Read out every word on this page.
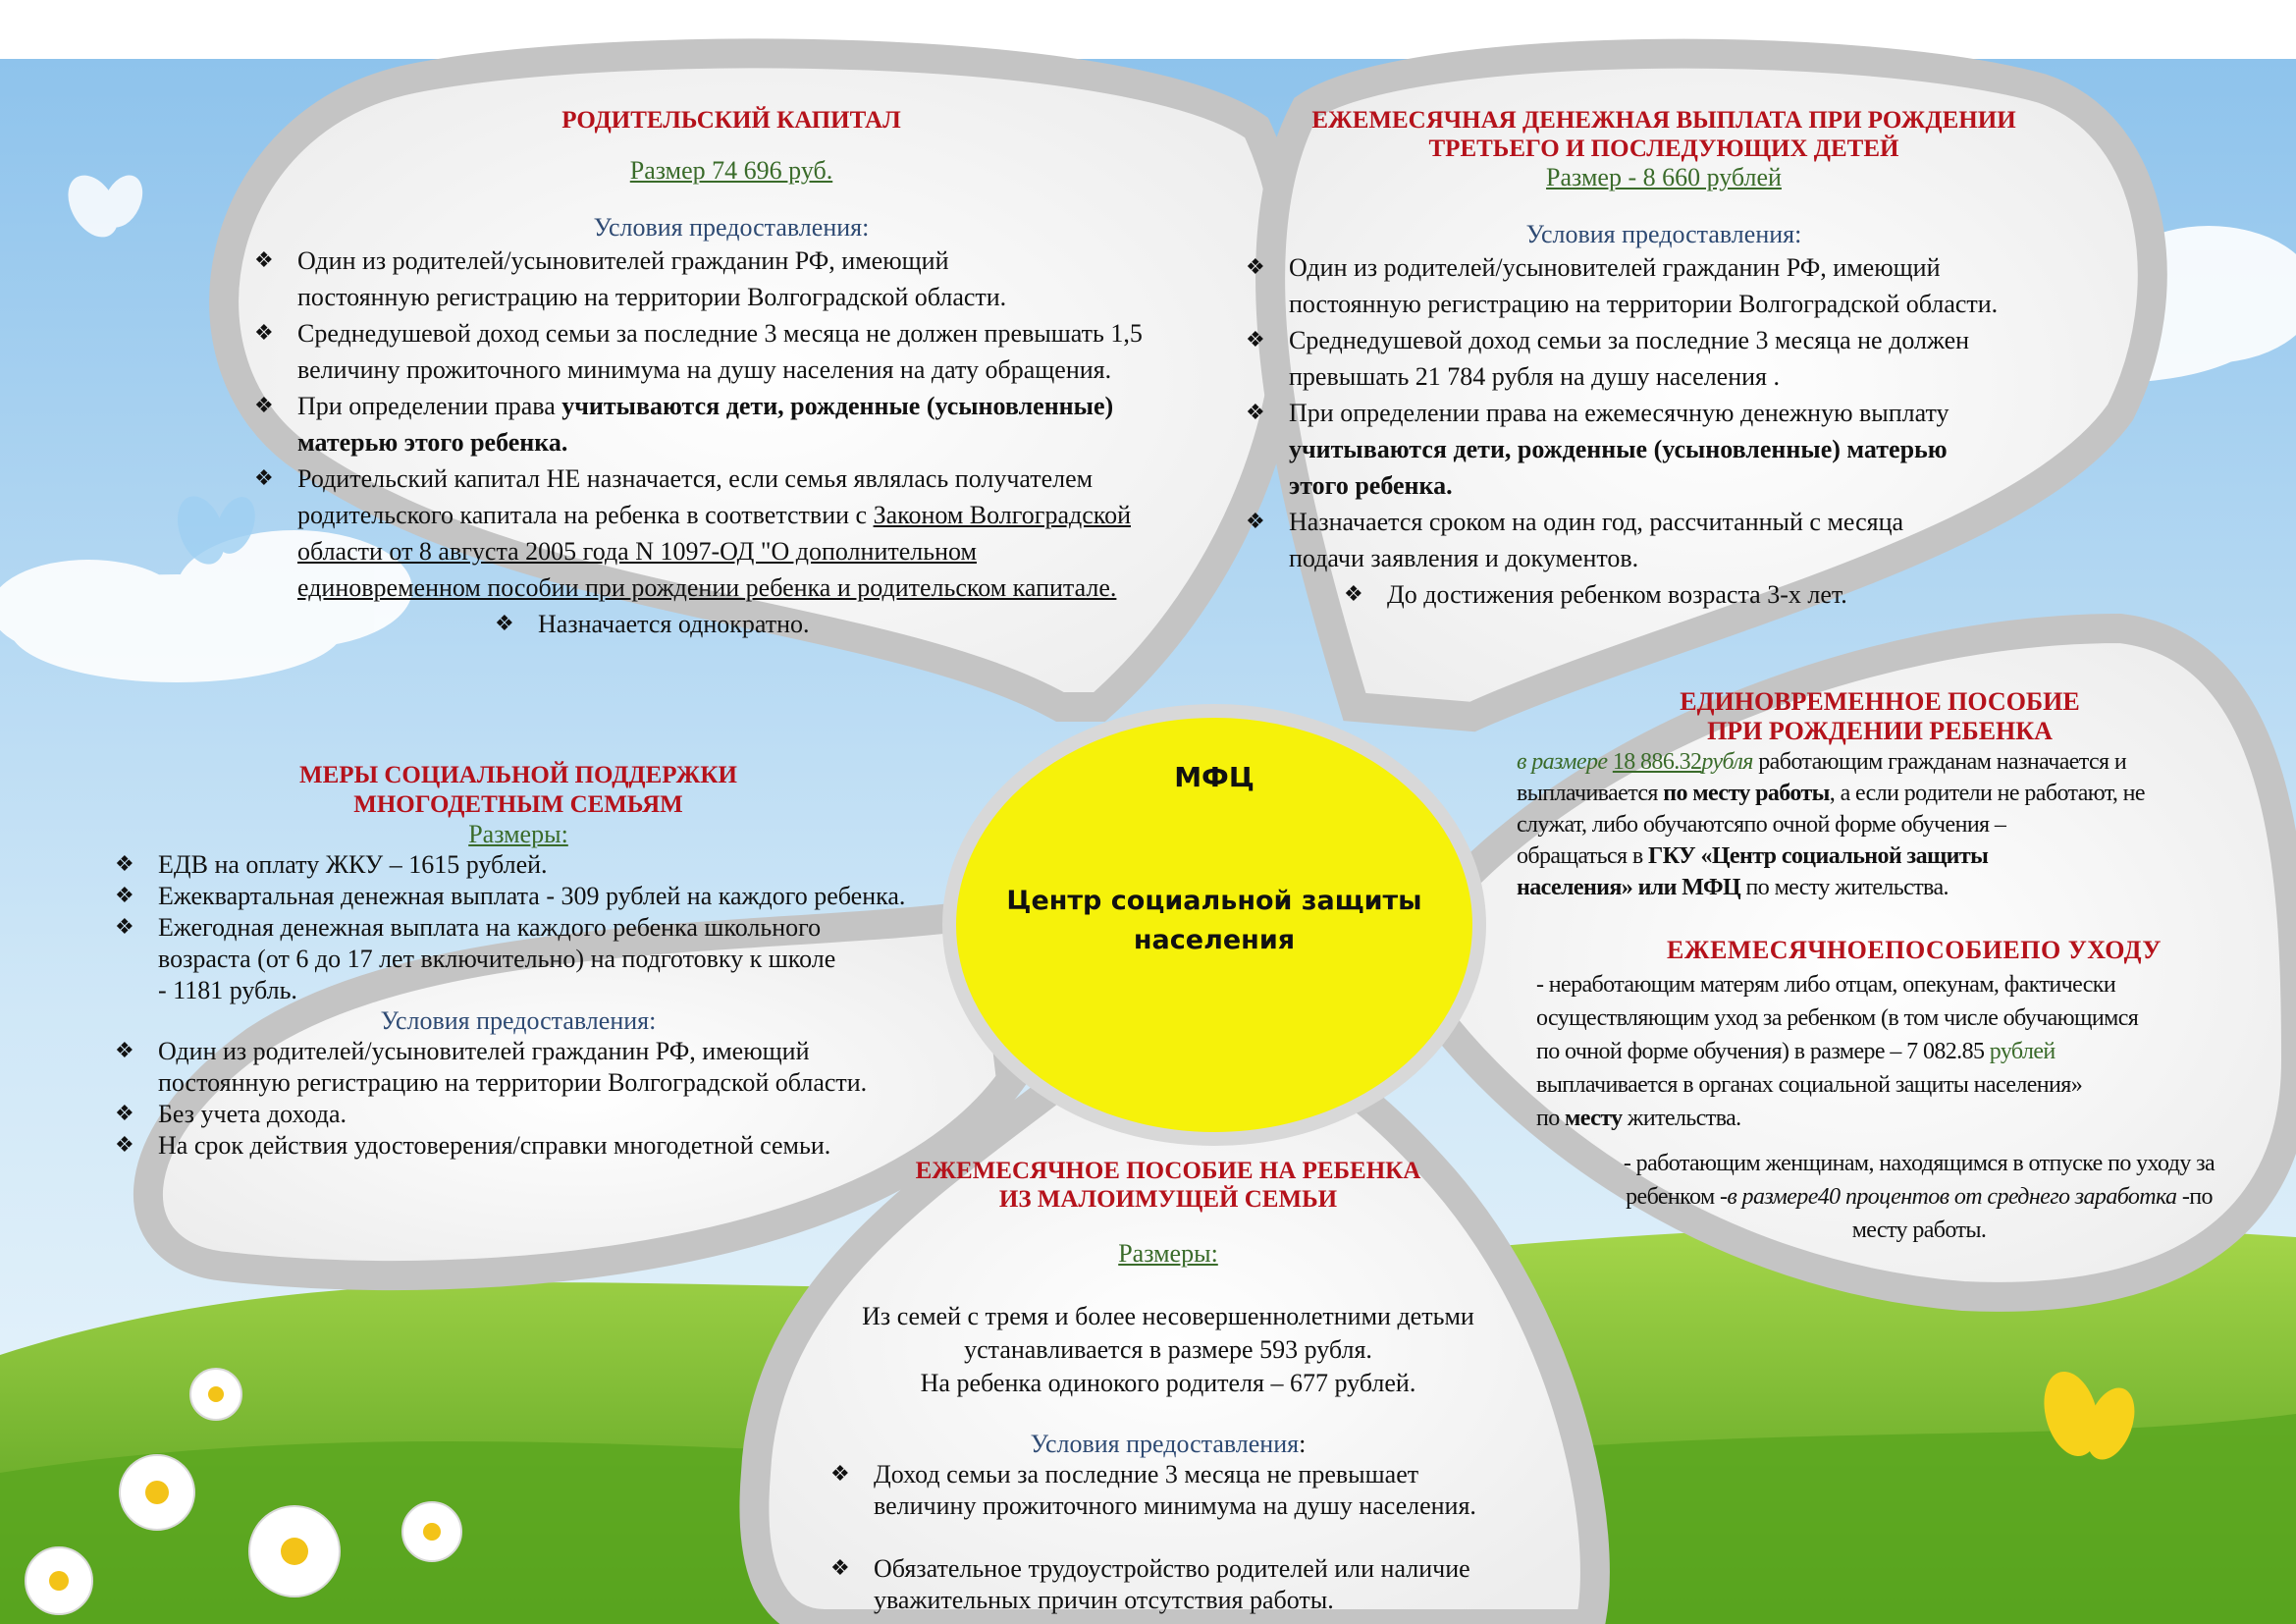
МФЦ
Центр социальной защиты
населения
РОДИТЕЛЬСКИЙ КАПИТАЛ
Размер 74 696 руб.
Условия предоставления:
❖ Один из родителей/усыновителей гражданин РФ, имеющий
постоянную регистрацию на территории Волгоградской области.
❖ Среднедушевой доход семьи за последние 3 месяца не должен превышать 1,5
величину прожиточного минимума на душу населения на дату обращения.
❖ При определении права учитываются дети, рожденные (усыновленные)
матерью этого ребенка.
❖ Родительский капитал НЕ назначается, если семья являлась получателем
родительского капитала на ребенка в соответствии с Законом Волгоградской
области от 8 августа 2005 года N 1097-ОД "О дополнительном
единовременном пособии при рождении ребенка и родительском капитале.
❖ Назначается однократно.
ЕЖЕМЕСЯЧНАЯ ДЕНЕЖНАЯ ВЫПЛАТА ПРИ РОЖДЕНИИ
ТРЕТЬЕГО И ПОСЛЕДУЮЩИХ ДЕТЕЙ
Размер - 8 660 рублей
Условия предоставления:
❖ Один из родителей/усыновителей гражданин РФ, имеющий
постоянную регистрацию на территории Волгоградской области.
❖ Среднедушевой доход семьи за последние 3 месяца не должен
превышать 21 784 рубля на душу населения .
❖ При определении права на ежемесячную денежную выплату
учитываются дети, рожденные (усыновленные) матерью
этого ребенка.
❖ Назначается сроком на один год, рассчитанный с месяца
подачи заявления и документов.
❖ До достижения ребенком возраста 3-х лет.
МЕРЫ СОЦИАЛЬНОЙ ПОДДЕРЖКИ
МНОГОДЕТНЫМ СЕМЬЯМ
Размеры:
❖ ЕДВ на оплату ЖКУ – 1615 рублей.
❖ Ежеквартальная денежная выплата - 309 рублей на каждого ребенка.
❖ Ежегодная денежная выплата на каждого ребенка школьного
возраста (от 6 до 17 лет включительно) на подготовку к школе
- 1181 рубль.
Условия предоставления:
❖ Один из родителей/усыновителей гражданин РФ, имеющий
постоянную регистрацию на территории Волгоградской области.
❖ Без учета дохода.
❖ На срок действия удостоверения/справки многодетной семьи.
ЕДИНОВРЕМЕННОЕ ПОСОБИЕ
ПРИ РОЖДЕНИИ РЕБЕНКА
в размере 18 886.32рубля работающим гражданам назначается и
выплачивается по месту работы, а если родители не работают, не
служат, либо обучаютсяпо очной форме обучения –
обращаться в ГКУ «Центр социальной защиты
населения» или МФЦ по месту жительства.
ЕЖЕМЕСЯЧНОЕПОСОБИЕПО УХОДУ
- неработающим матерям либо отцам, опекунам, фактически
осуществляющим уход за ребенком (в том числе обучающимся
по очной форме обучения) в размере – 7 082.85 рублей
выплачивается в органах социальной защиты населения»
по месту жительства.
- работающим женщинам, находящимся в отпуске по уходу за
ребенком -в размере40 процентов от среднего заработка -по
месту работы.
ЕЖЕМЕСЯЧНОЕ ПОСОБИЕ НА РЕБЕНКА
ИЗ МАЛОИМУЩЕЙ СЕМЬИ
Размеры:
Из семей с тремя и более несовершеннолетними детьми
устанавливается в размере 593 рубля.
На ребенка одинокого родителя – 677 рублей.
Условия предоставления:
❖ Доход семьи за последние 3 месяца не превышает
величину прожиточного минимума на душу населения.
❖ Обязательное трудоустройство родителей или наличие
уважительных причин отсутствия работы.
